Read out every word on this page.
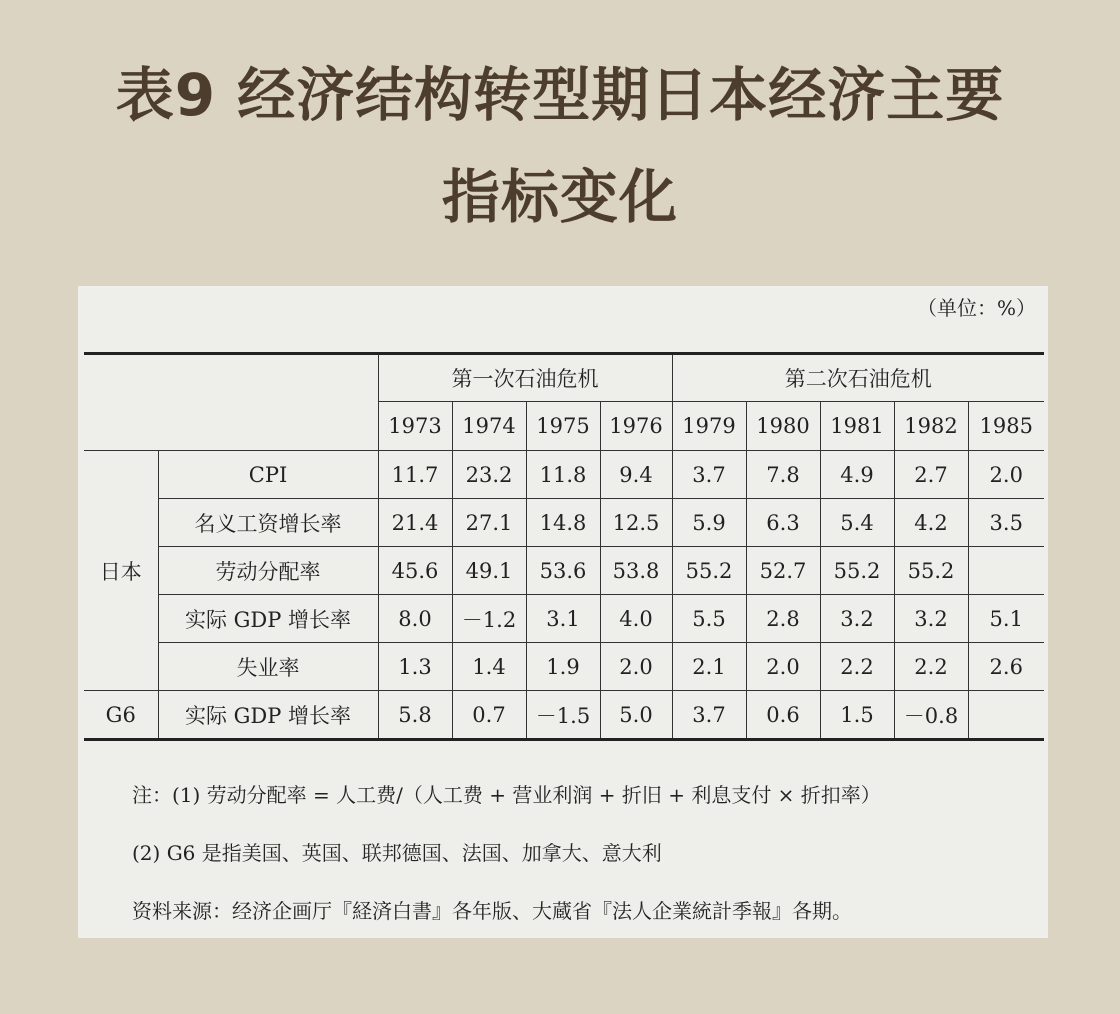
表9 经济结构转型期日本经济主要
指标变化
（单位：%）
		第一次石油危机				第二次石油危机				
		1973	1974	1975	1976	1979	1980	1981	1982	1985
日本	CPI	11.7	23.2	11.8	9.4	3.7	7.8	4.9	2.7	2.0
	名义工资增长率	21.4	27.1	14.8	12.5	5.9	6.3	5.4	4.2	3.5
	劳动分配率	45.6	49.1	53.6	53.8	55.2	52.7	55.2	55.2	
	实际 GDP 增长率	8.0	－1.2	3.1	4.0	5.5	2.8	3.2	3.2	5.1
	失业率	1.3	1.4	1.9	2.0	2.1	2.0	2.2	2.2	2.6
G6	实际 GDP 增长率	5.8	0.7	－1.5	5.0	3.7	0.6	1.5	－0.8	
注：(1) 劳动分配率 = 人工费/（人工费 + 营业利润 + 折旧 + 利息支付 × 折扣率）
(2) G6 是指美国、英国、联邦德国、法国、加拿大、意大利
资料来源：经济企画厅『経済白書』各年版、大蔵省『法人企業統計季報』各期。
